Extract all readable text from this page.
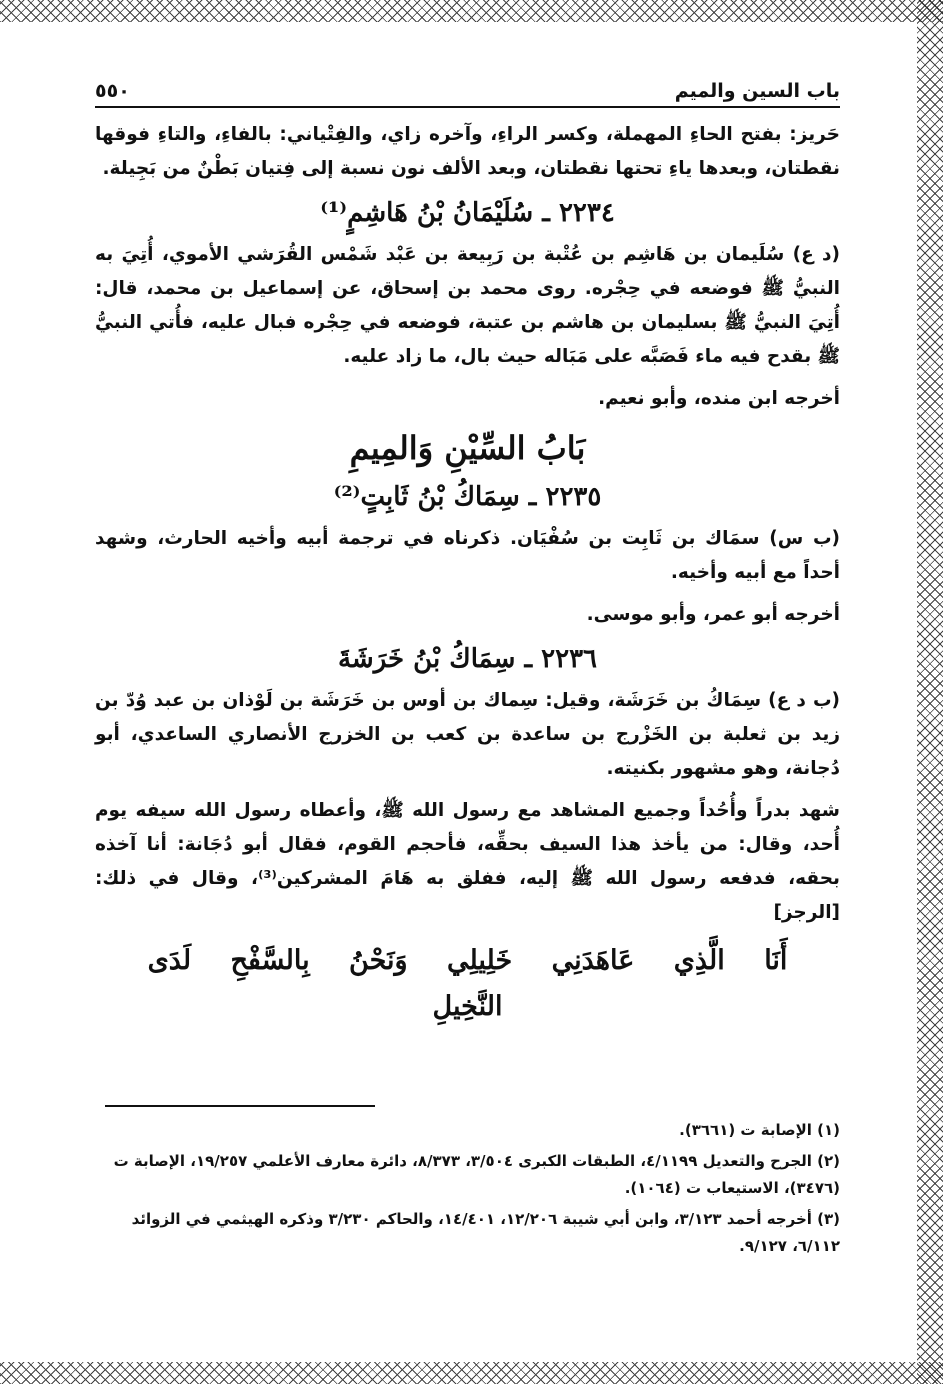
باب السين والميم
٥٥٠

حَريز: بفتح الحاءِ المهملة، وكسر الراءِ، وآخره زاي، والفِتْياني: بالفاءِ، والتاءِ فوقها نقطتان، وبعدها ياءِ تحتها نقطتان، وبعد الألف نون نسبة إلى فِتيان بَطْنٌ من بَجِيلة.

٢٢٣٤ ـ سُلَيْمَانُ بْنُ هَاشِمٍ⁽¹⁾

(د ع) سُلَيمان بن هَاشِم بن عُتْبة بن رَبِيعة بن عَبْد شَمْس القُرَشي الأموي، أُتِيَ به النبيُّ ﷺ فوضعه في حِجْره. روى محمد بن إسحاق، عن إسماعيل بن محمد، قال: أُتِيَ النبيُّ ﷺ بسليمان بن هاشم بن عتبة، فوضعه في حِجْره فبال عليه، فأُتي النبيُّ ﷺ بقدح فيه ماء فَصَبَّه على مَبَاله حيث بال، ما زاد عليه.

أخرجه ابن منده، وأبو نعيم.

بَابُ السِّيْنِ وَالمِيمِ
٢٢٣٥ ـ سِمَاكُ بْنُ ثَابِتٍ⁽²⁾

(ب س) سمَاك بن ثَابِت بن سُفْيَان. ذكرناه في ترجمة أبيه وأخيه الحارث، وشهد أحداً مع أبيه وأخيه.

أخرجه أبو عمر، وأبو موسى.

٢٢٣٦ ـ سِمَاكُ بْنُ خَرَشَةَ

(ب د ع) سِمَاكُ بن خَرَشَة، وقيل: سِماك بن أوس بن خَرَشَة بن لَوْذان بن عبد وُدّ بن زيد بن ثعلبة بن الخَزْرج بن ساعدة بن كعب بن الخزرج الأنصاري الساعدي، أبو دُجانة، وهو مشهور بكنيته.

شهد بدراً وأُحُداً وجميع المشاهد مع رسول الله ﷺ، وأعطاه رسول الله سيفه يوم أُحد، وقال: من يأخذ هذا السيف بحقِّه، فأحجم القوم، فقال أبو دُجَانة: أنا آخذه بحقه، فدفعه رسول الله ﷺ إليه، ففلق به هَامَ المشركين⁽³⁾، وقال في ذلك: [الرجز]

أَنَا الَّذِي عَاهَدَنِي خَلِيلِي وَنَحْنُ بِالسَّفْحِ لَدَى النَّخِيلِ

(١) الإصابة ت (٣٦٦١).

(٢) الجرح والتعديل ٤/١١٩٩، الطبقات الكبرى ٣/٥٠٤، ٨/٣٧٣، دائرة معارف الأعلمي ١٩/٢٥٧، الإصابة ت (٣٤٧٦)، الاستيعاب ت (١٠٦٤).

(٣) أخرجه أحمد ٣/١٢٣، وابن أبي شيبة ١٢/٢٠٦، ١٤/٤٠١، والحاكم ٣/٢٣٠ وذكره الهيثمي في الزوائد ٦/١١٢، ٩/١٢٧.
